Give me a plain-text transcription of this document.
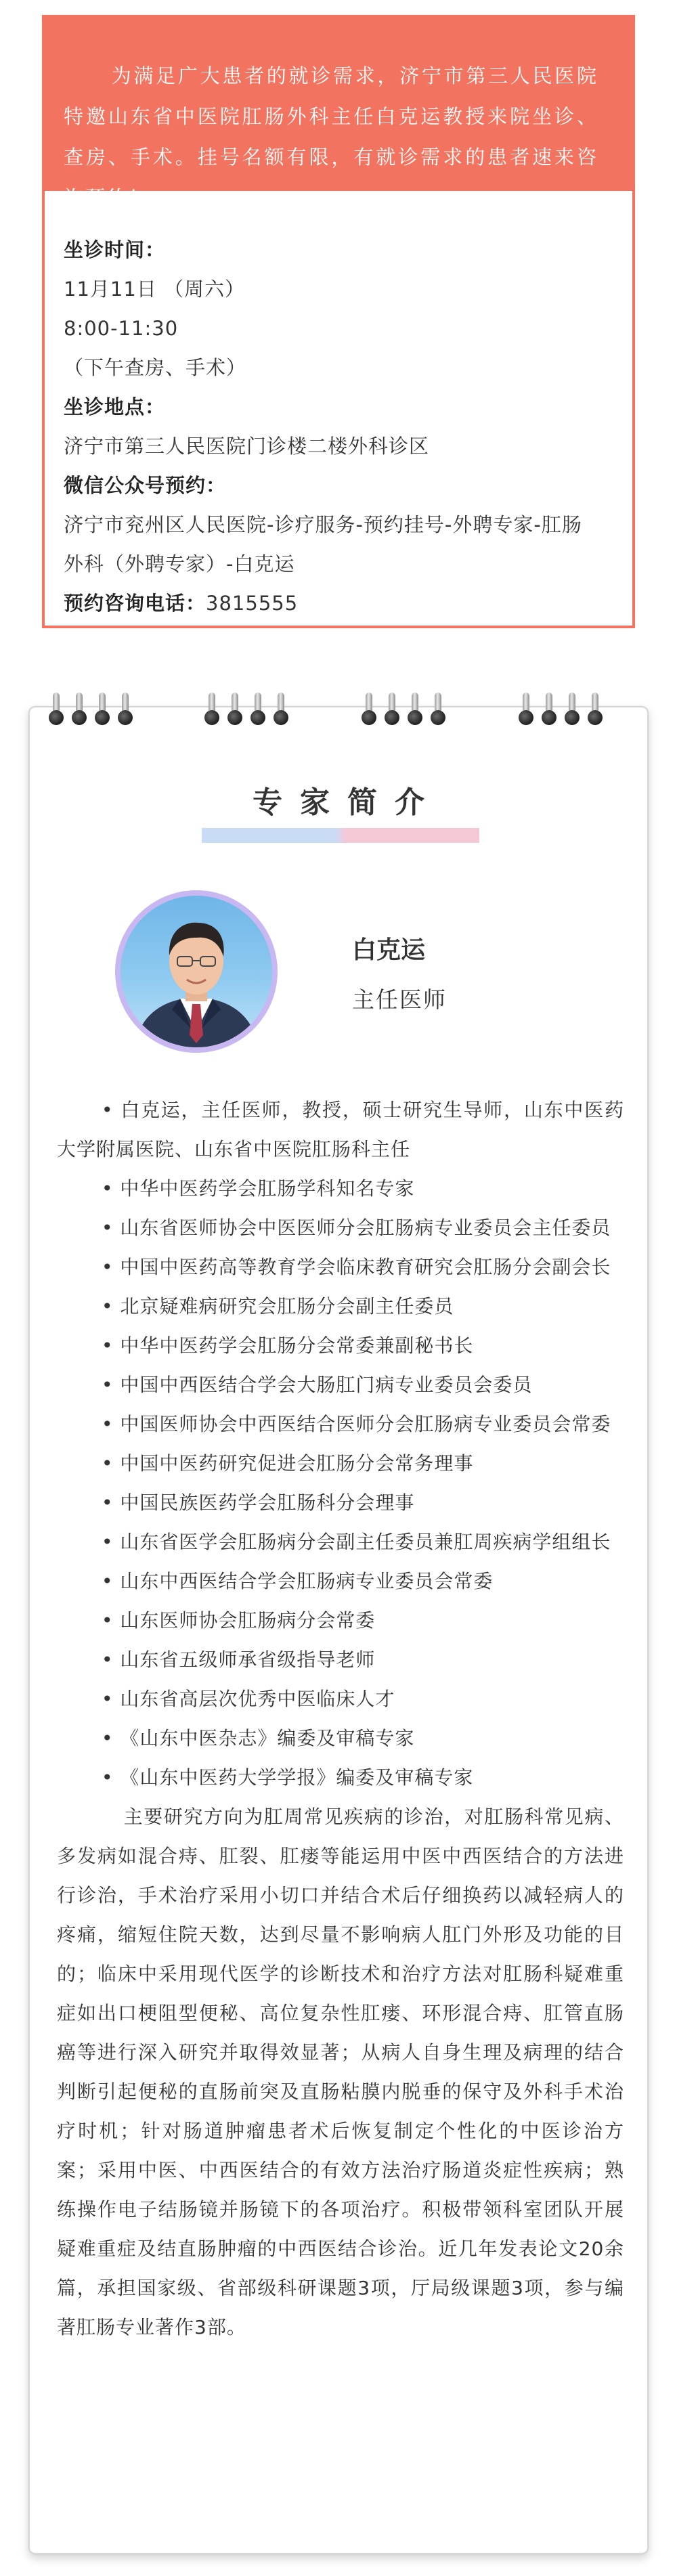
为满足广大患者的就诊需求，济宁市第三人民医院特邀山东省中医院肛肠外科主任白克运教授来院坐诊、查房、手术。挂号名额有限，有就诊需求的患者速来咨询预约！
坐诊时间：
11月11日 （周六）
8:00-11:30
（下午查房、手术）
坐诊地点：
济宁市第三人民医院门诊楼二楼外科诊区
微信公众号预约：
济宁市兖州区人民医院-诊疗服务-预约挂号-外聘专家-肛肠
外科（外聘专家）-白克运
预约咨询电话：3815555
专家简介
白克运
主任医师
• 白克运，主任医师，教授，硕士研究生导师，山东中医药大学附属医院、山东省中医院肛肠科主任
• 中华中医药学会肛肠学科知名专家
• 山东省医师协会中医医师分会肛肠病专业委员会主任委员
• 中国中医药高等教育学会临床教育研究会肛肠分会副会长
• 北京疑难病研究会肛肠分会副主任委员
• 中华中医药学会肛肠分会常委兼副秘书长
• 中国中西医结合学会大肠肛门病专业委员会委员
• 中国医师协会中西医结合医师分会肛肠病专业委员会常委
• 中国中医药研究促进会肛肠分会常务理事
• 中国民族医药学会肛肠科分会理事
• 山东省医学会肛肠病分会副主任委员兼肛周疾病学组组长
• 山东中西医结合学会肛肠病专业委员会常委
• 山东医师协会肛肠病分会常委
• 山东省五级师承省级指导老师
• 山东省高层次优秀中医临床人才
• 《山东中医杂志》编委及审稿专家
• 《山东中医药大学学报》编委及审稿专家
主要研究方向为肛周常见疾病的诊治，对肛肠科常见病、多发病如混合痔、肛裂、肛瘘等能运用中医中西医结合的方法进行诊治，手术治疗采用小切口并结合术后仔细换药以减轻病人的疼痛，缩短住院天数，达到尽量不影响病人肛门外形及功能的目的；临床中采用现代医学的诊断技术和治疗方法对肛肠科疑难重症如出口梗阻型便秘、高位复杂性肛瘘、环形混合痔、肛管直肠癌等进行深入研究并取得效显著；从病人自身生理及病理的结合判断引起便秘的直肠前突及直肠粘膜内脱垂的保守及外科手术治疗时机；针对肠道肿瘤患者术后恢复制定个性化的中医诊治方案；采用中医、中西医结合的有效方法治疗肠道炎症性疾病；熟练操作电子结肠镜并肠镜下的各项治疗。积极带领科室团队开展疑难重症及结直肠肿瘤的中西医结合诊治。近几年发表论文20余篇，承担国家级、省部级科研课题3项，厅局级课题3项，参与编著肛肠专业著作3部。
